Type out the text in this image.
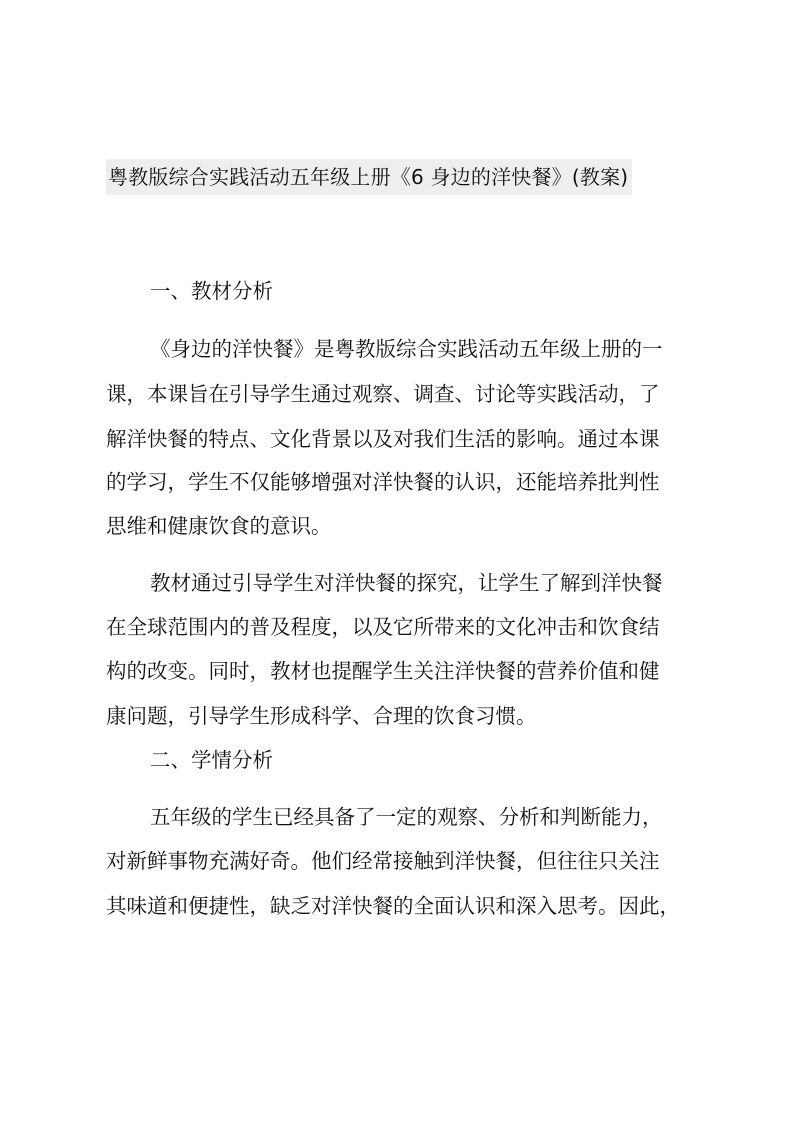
粤教版综合实践活动五年级上册《6 身边的洋快餐》(教案)
一、教材分析
《身边的洋快餐》是粤教版综合实践活动五年级上册的一
课，本课旨在引导学生通过观察、调查、讨论等实践活动，了
解洋快餐的特点、文化背景以及对我们生活的影响。通过本课
的学习，学生不仅能够增强对洋快餐的认识，还能培养批判性
思维和健康饮食的意识。
教材通过引导学生对洋快餐的探究，让学生了解到洋快餐
在全球范围内的普及程度，以及它所带来的文化冲击和饮食结
构的改变。同时，教材也提醒学生关注洋快餐的营养价值和健
康问题，引导学生形成科学、合理的饮食习惯。
二、学情分析
五年级的学生已经具备了一定的观察、分析和判断能力，
对新鲜事物充满好奇。他们经常接触到洋快餐，但往往只关注
其味道和便捷性，缺乏对洋快餐的全面认识和深入思考。因此，
